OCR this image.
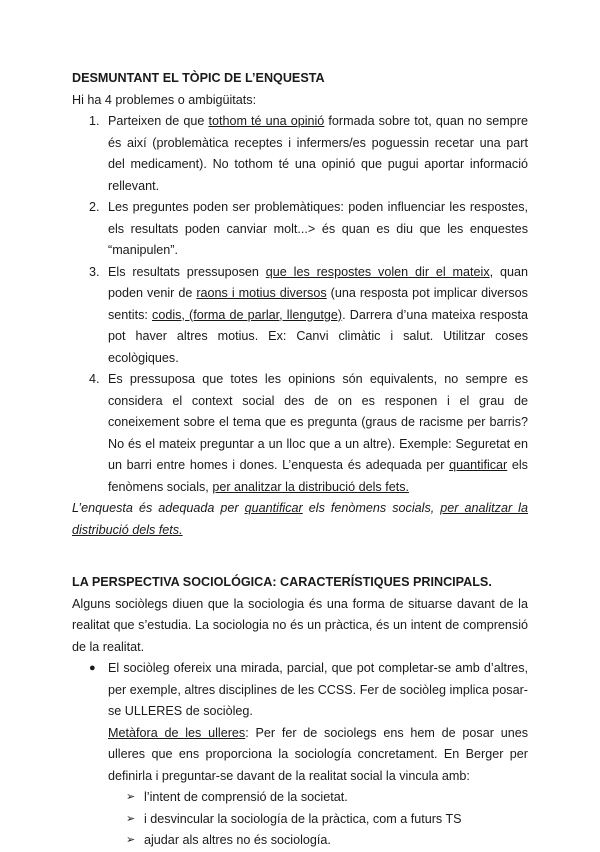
DESMUNTANT EL TÒPIC DE L’ENQUESTA

Hi ha 4 problemes o ambigüitats:

1. Parteixen de que tothom té una opinió formada sobre tot, quan no sempre és així (problemàtica receptes i infermers/es poguessin recetar una part del medicament). No tothom té una opinió que pugui aportar informació rellevant.
2. Les preguntes poden ser problemàtiques: poden influenciar les respostes, els resultats poden canviar molt...> és quan es diu que les enquestes “manipulen”.
3. Els resultats pressuposen que les respostes volen dir el mateix, quan poden venir de raons i motius diversos (una resposta pot implicar diversos sentits: codis, (forma de parlar, llengutge). Darrera d’una mateixa resposta pot haver altres motius. Ex: Canvi climàtic i salut. Utilitzar coses ecològiques.
4. Es pressuposa que totes les opinions són equivalents, no sempre es considera el context social des de on es responen i el grau de coneixement sobre el tema que es pregunta (graus de racisme per barris? No és el mateix preguntar a un lloc que a un altre). Exemple: Seguretat en un barri entre homes i dones. L’enquesta és adequada per quantificar els fenòmens socials, per analitzar la distribució dels fets.

L’enquesta és adequada per quantificar els fenòmens socials, per analitzar la distribució dels fets.

LA PERSPECTIVA SOCIOLÓGICA: CARACTERÍSTIQUES PRINCIPALS.

Alguns sociòlegs diuen que la sociologia és una forma de situarse davant de la realitat que s’estudia. La sociologia no és un pràctica, és un intent de comprensió de la realitat.

● El sociòleg ofereix una mirada, parcial, que pot completar-se amb d’altres, per exemple, altres disciplines de les CCSS. Fer de sociòleg implica posar-se ULLERES de sociòleg.
Metàfora de les ulleres: Per fer de sociolegs ens hem de posar unes ulleres que ens proporciona la sociología concretament. En Berger per definirla i preguntar-se davant de la realitat social la vincula amb:
➢ l’intent de comprensió de la societat.
➢ i desvincular la sociología de la pràctica, com a futurs TS
➢ ajudar als altres no és sociología.
